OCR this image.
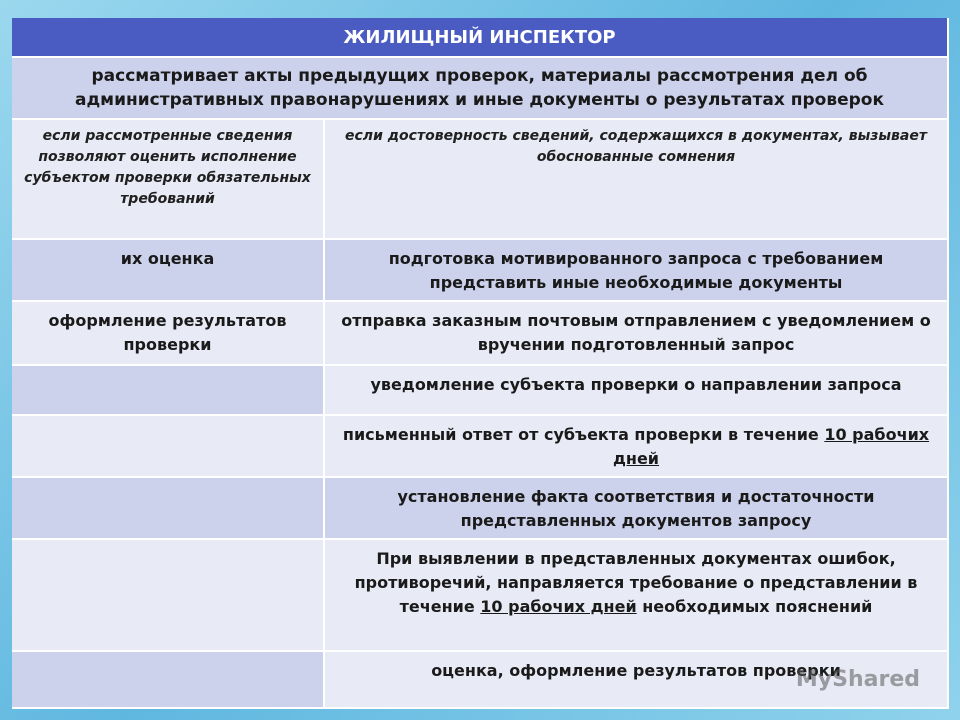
ЖИЛИЩНЫЙ ИНСПЕКТОР
рассматривает акты предыдущих проверок, материалы рассмотрения дел об административных правонарушениях и иные документы о результатах проверок
если рассмотренные сведения позволяют оценить исполнение субъектом проверки обязательных требований
если достоверность сведений, содержащихся в документах, вызывает обоснованные сомнения
их оценка	подготовка мотивированного запроса с требованием представить иные необходимые документы
оформление результатов проверки
отправка заказным почтовым отправлением с уведомлением о вручении подготовленный запрос
уведомление субъекта проверки о направлении запроса
письменный ответ от субъекта проверки в течение 10 рабочих дней
установление факта соответствия и достаточности представленных документов запросу
При выявлении в представленных документах ошибок, противоречий, направляется требование о представлении в течение 10 рабочих дней необходимых пояснений
оценка, оформление результатов проверки
MyShared
